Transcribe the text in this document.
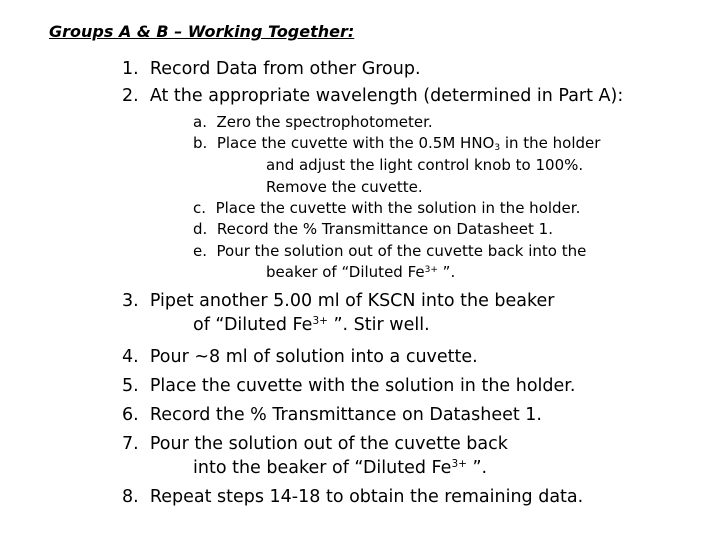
Groups A & B – Working Together:
1. Record Data from other Group.
2. At the appropriate wavelength (determined in Part A):
a. Zero the spectrophotometer.
b. Place the cuvette with the 0.5M $HNO_3$ in the holder
and adjust the light control knob to 100%.
Remove the cuvette.
c. Place the cuvette with the solution in the holder.
d. Record the % Transmittance on Datasheet 1.
e. Pour the solution out of the cuvette back into the
beaker of “Diluted $Fe^{3+}$ ”.
3. Pipet another 5.00 ml of KSCN into the beaker
of “Diluted $Fe^{3+}$ ”. Stir well.
4. Pour ~8 ml of solution into a cuvette.
5. Place the cuvette with the solution in the holder.
6. Record the % Transmittance on Datasheet 1.
7. Pour the solution out of the cuvette back
into the beaker of “Diluted $Fe^{3+}$ ”.
8. Repeat steps 14-18 to obtain the remaining data.
